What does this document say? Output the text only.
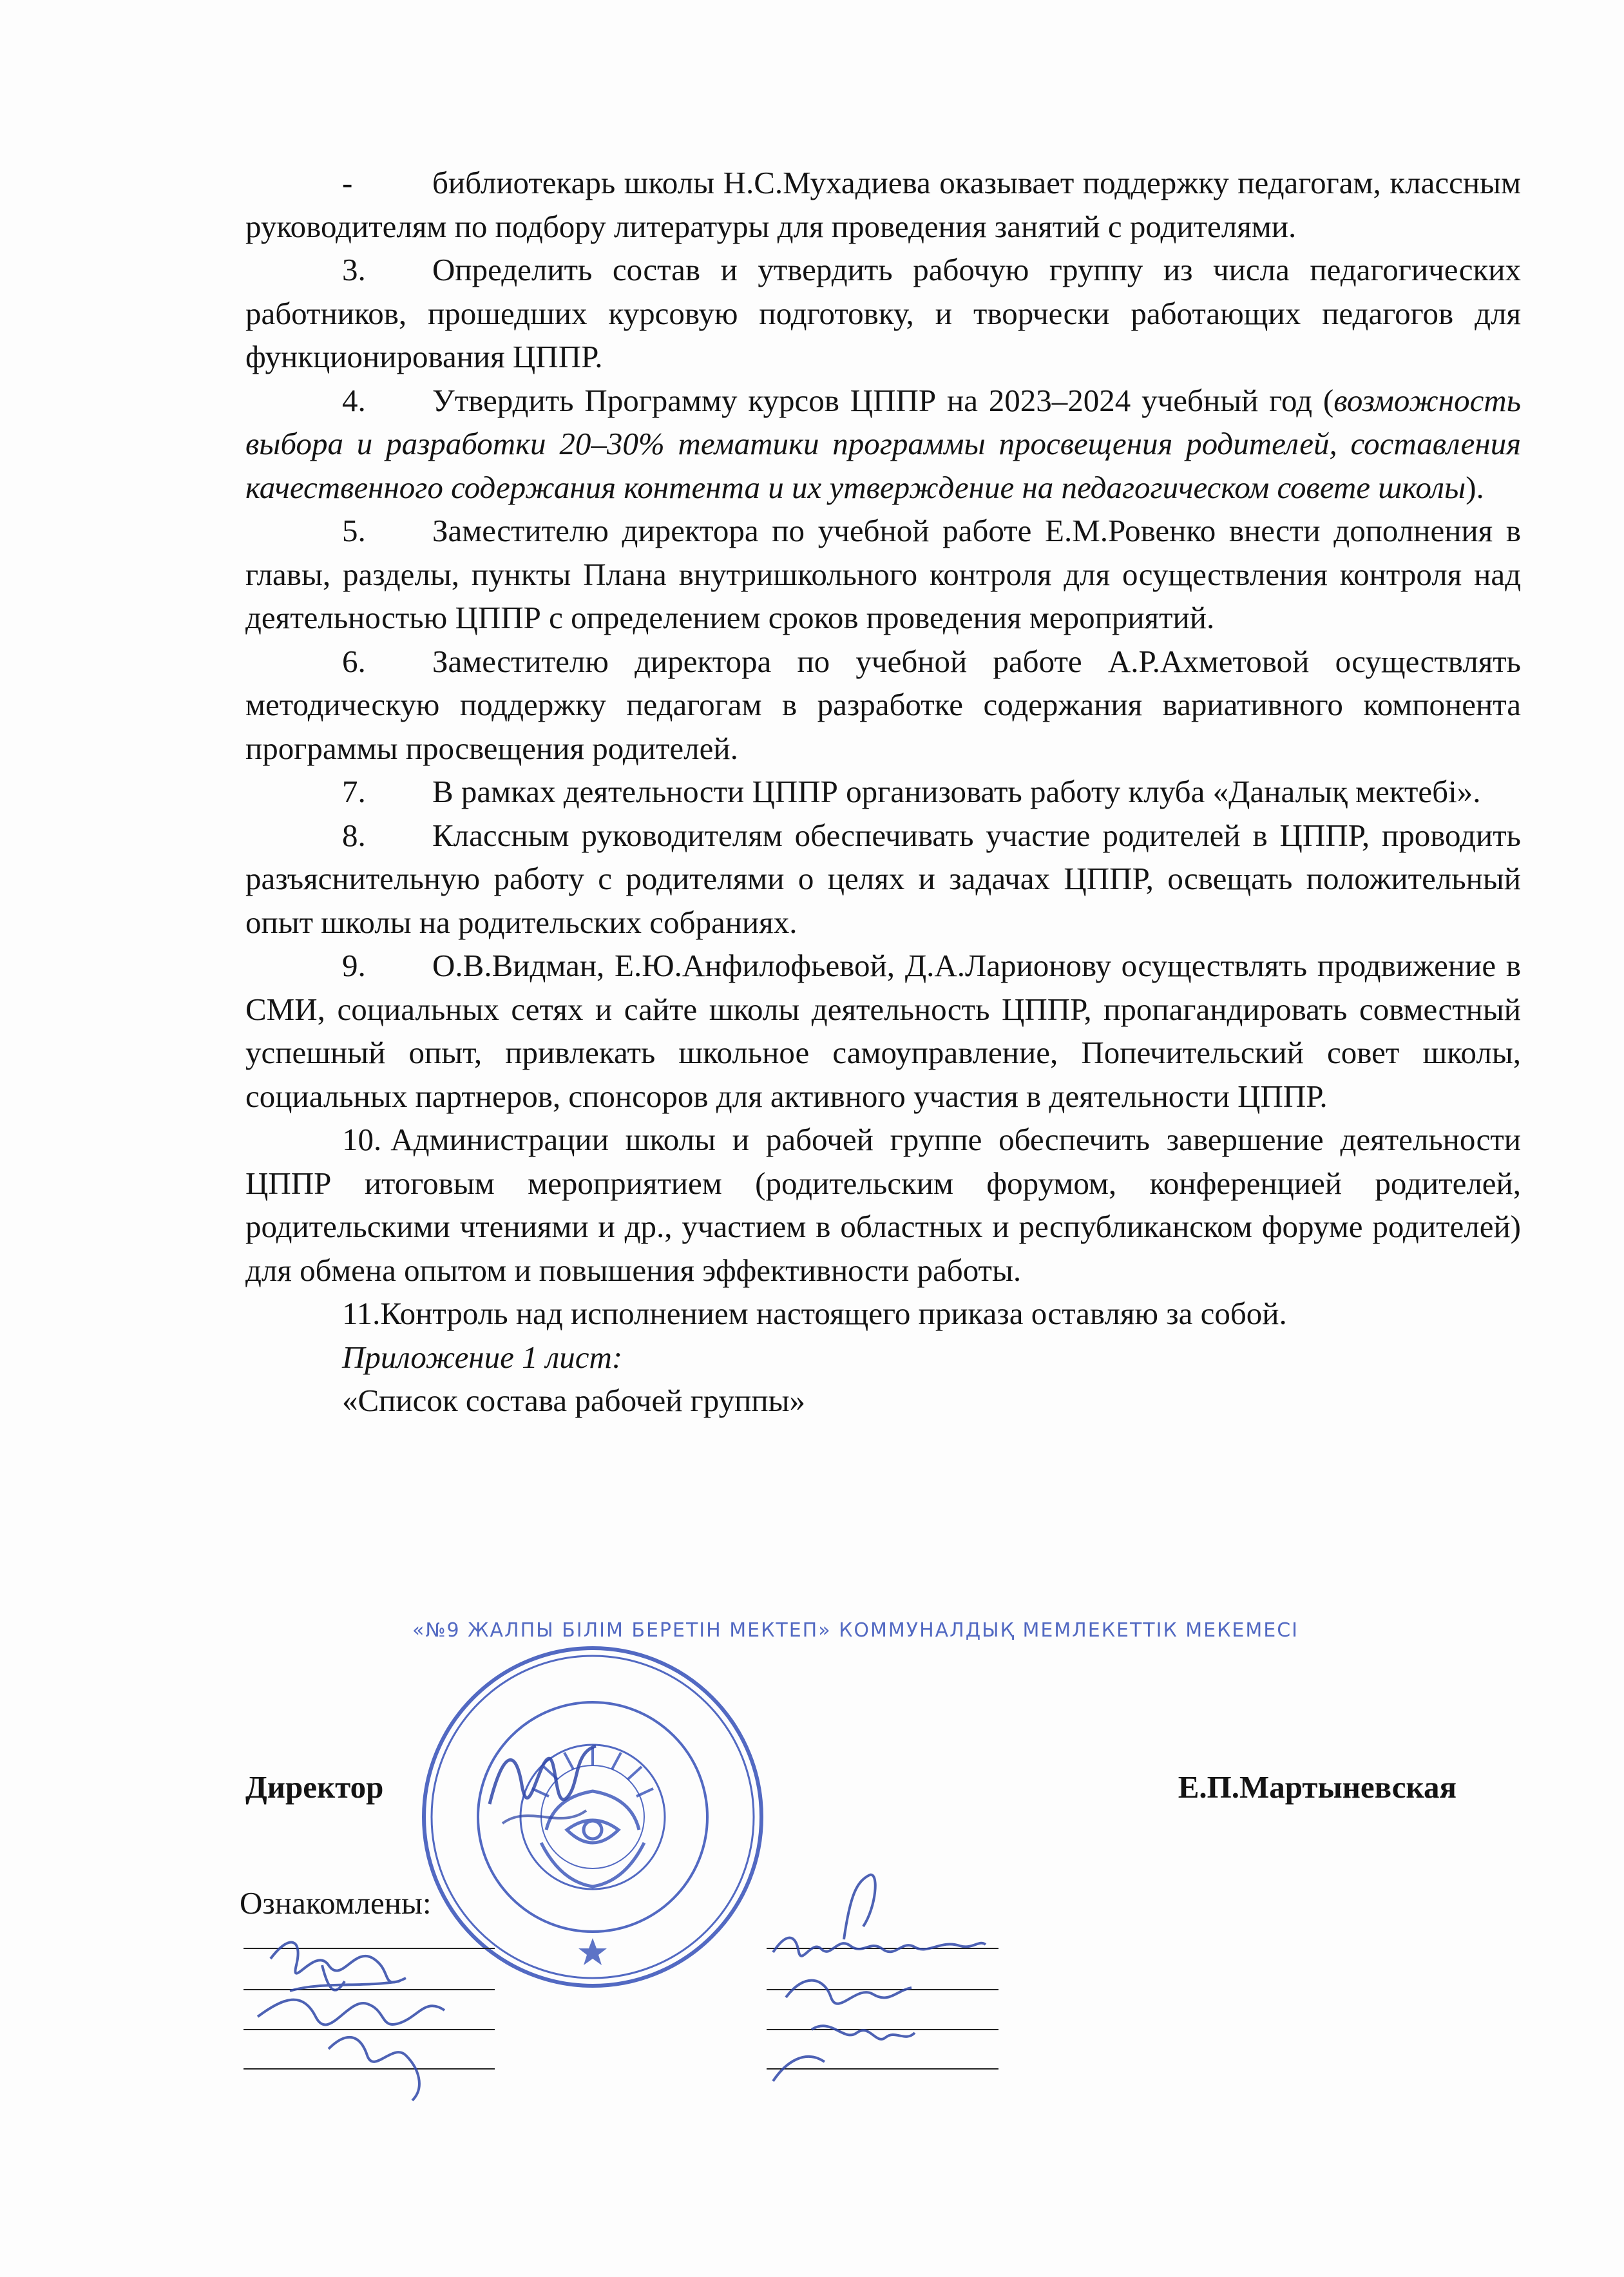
-	библиотекарь школы Н.С.Мухадиева оказывает поддержку педагогам, классным руководителям по подбору литературы для проведения занятий с родителями.

3. Определить состав и утвердить рабочую группу из числа педагогических работников, прошедших курсовую подготовку, и творчески работающих педагогов для функционирования ЦППР.

4. Утвердить Программу курсов ЦППР на 2023–2024 учебный год (возможность выбора и разработки 20–30% тематики программы просвещения родителей, составления качественного содержания контента и их утверждение на педагогическом совете школы).

5. Заместителю директора по учебной работе Е.М.Ровенко внести дополнения в главы, разделы, пункты Плана внутришкольного контроля для осуществления контроля над деятельностью ЦППР с определением сроков проведения мероприятий.

6. Заместителю директора по учебной работе А.Р.Ахметовой осуществлять методическую поддержку педагогам в разработке содержания вариативного компонента программы просвещения родителей.

7. В рамках деятельности ЦППР организовать работу клуба «Даналық мектебі».

8. Классным руководителям обеспечивать участие родителей в ЦППР, проводить разъяснительную работу с родителями о целях и задачах ЦППР, освещать положительный опыт школы на родительских собраниях.

9. О.В.Видман, Е.Ю.Анфилофьевой, Д.А.Ларионову осуществлять продвижение в СМИ, социальных сетях и сайте школы деятельность ЦППР, пропагандировать совместный успешный опыт, привлекать школьное самоуправление, Попечительский совет школы, социальных партнеров, спонсоров для активного участия в деятельности ЦППР.

10. Администрации школы и рабочей группе обеспечить завершение деятельности ЦППР итоговым мероприятием (родительским форумом, конференцией родителей, родительскими чтениями и др., участием в областных и республиканском форуме родителей) для обмена опытом и повышения эффективности работы.

11.Контроль над исполнением настоящего приказа оставляю за собой.

Приложение 1 лист:

«Список состава рабочей группы»

«№9 ЖАЛПЫ БІЛІМ БЕРЕТІН МЕКТЕП» КОММУНАЛДЫҚ МЕМЛЕКЕТТІК МЕКЕМЕСІ
Директор	Е.П.Мартыневская
Ознакомлены:
